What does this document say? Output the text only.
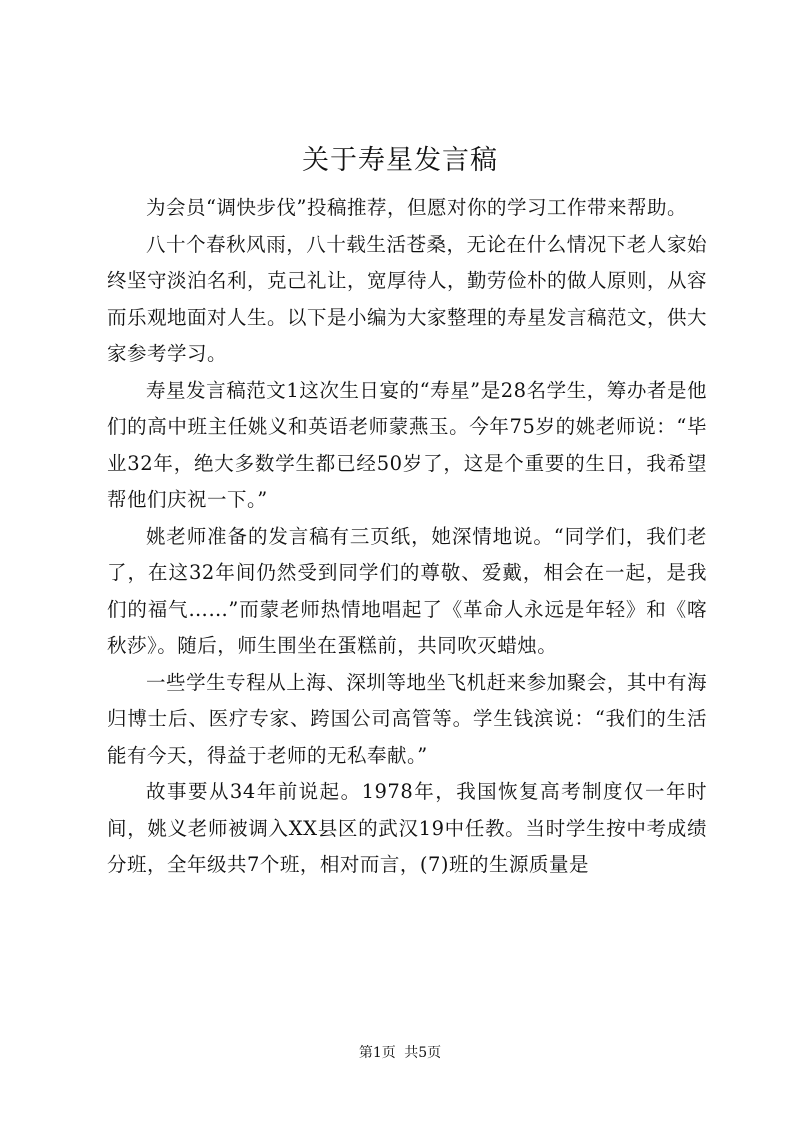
关于寿星发言稿

为会员“调快步伐”投稿推荐，但愿对你的学习工作带来帮助。

八十个春秋风雨，八十载生活苍桑，无论在什么情况下老人家始终坚守淡泊名利，克己礼让，宽厚待人，勤劳俭朴的做人原则，从容而乐观地面对人生。以下是小编为大家整理的寿星发言稿范文，供大家参考学习。

寿星发言稿范文1这次生日宴的“寿星”是28名学生，筹办者是他们的高中班主任姚义和英语老师蒙燕玉。今年75岁的姚老师说：“毕业32年，绝大多数学生都已经50岁了，这是个重要的生日，我希望帮他们庆祝一下。”

姚老师准备的发言稿有三页纸，她深情地说。“同学们，我们老了，在这32年间仍然受到同学们的尊敬、爱戴，相会在一起，是我们的福气……”而蒙老师热情地唱起了《革命人永远是年轻》和《喀秋莎》。随后，师生围坐在蛋糕前，共同吹灭蜡烛。

一些学生专程从上海、深圳等地坐飞机赶来参加聚会，其中有海归博士后、医疗专家、跨国公司高管等。学生钱滨说：“我们的生活能有今天，得益于老师的无私奉献。”

故事要从34年前说起。1978年，我国恢复高考制度仅一年时间，姚义老师被调入XX县区的武汉19中任教。当时学生按中考成绩分班，全年级共7个班，相对而言，(7)班的生源质量是

第1页 共5页
